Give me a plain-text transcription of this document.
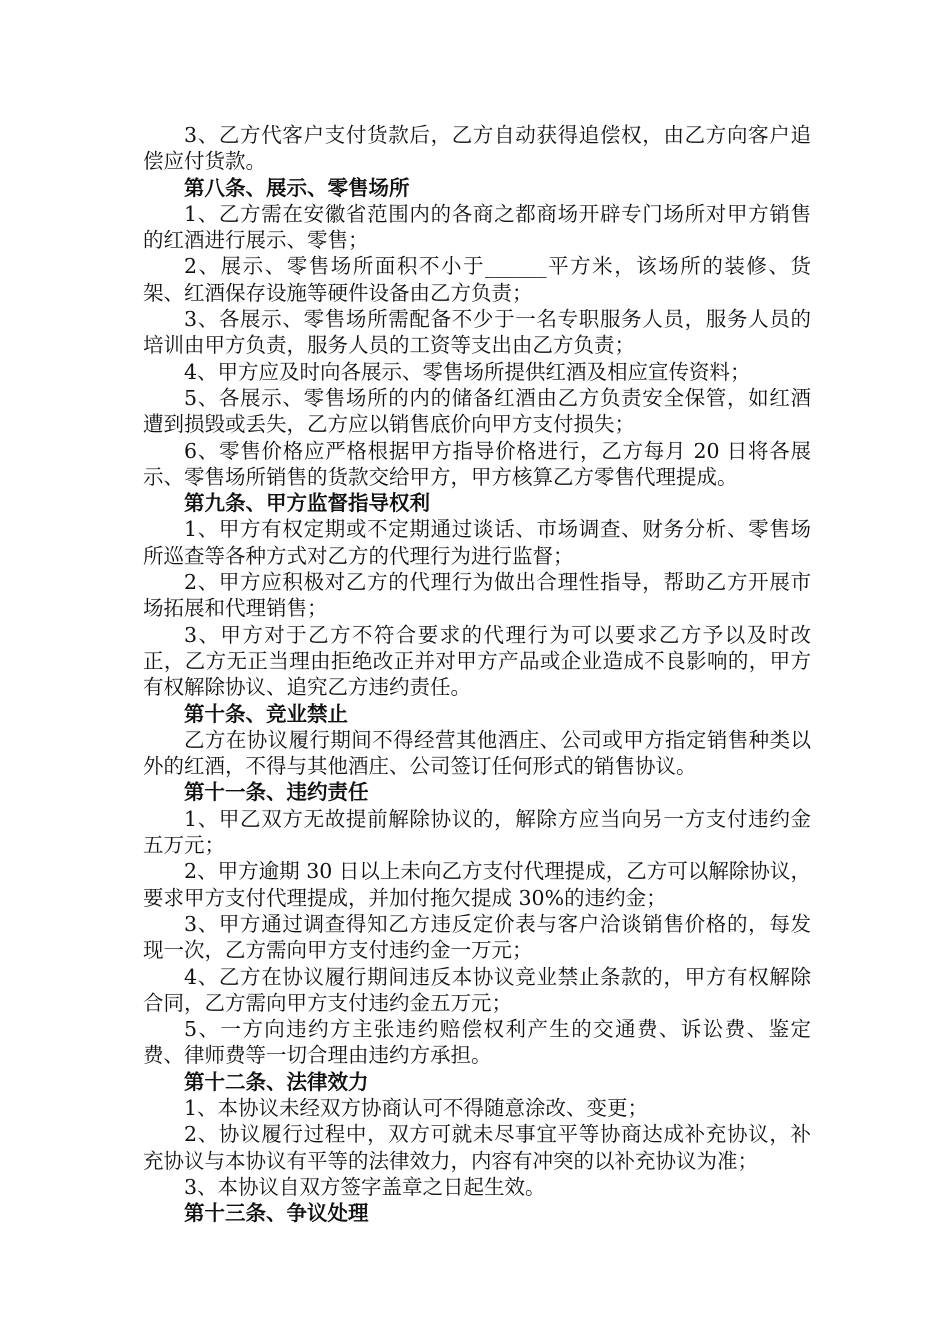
3、乙方代客户支付货款后，乙方自动获得追偿权，由乙方向客户追偿应付货款。

第八条、展示、零售场所

1、乙方需在安徽省范围内的各商之都商场开辟专门场所对甲方销售的红酒进行展示、零售；

2、展示、零售场所面积不小于______平方米，该场所的装修、货架、红酒保存设施等硬件设备由乙方负责；

3、各展示、零售场所需配备不少于一名专职服务人员，服务人员的培训由甲方负责，服务人员的工资等支出由乙方负责；

4、甲方应及时向各展示、零售场所提供红酒及相应宣传资料；

5、各展示、零售场所的内的储备红酒由乙方负责安全保管，如红酒遭到损毁或丢失，乙方应以销售底价向甲方支付损失；

6、零售价格应严格根据甲方指导价格进行，乙方每月 20 日将各展示、零售场所销售的货款交给甲方，甲方核算乙方零售代理提成。

第九条、甲方监督指导权利

1、甲方有权定期或不定期通过谈话、市场调查、财务分析、零售场所巡查等各种方式对乙方的代理行为进行监督；

2、甲方应积极对乙方的代理行为做出合理性指导，帮助乙方开展市场拓展和代理销售；

3、甲方对于乙方不符合要求的代理行为可以要求乙方予以及时改正，乙方无正当理由拒绝改正并对甲方产品或企业造成不良影响的，甲方有权解除协议、追究乙方违约责任。

第十条、竞业禁止

乙方在协议履行期间不得经营其他酒庄、公司或甲方指定销售种类以外的红酒，不得与其他酒庄、公司签订任何形式的销售协议。

第十一条、违约责任

1、甲乙双方无故提前解除协议的，解除方应当向另一方支付违约金五万元；

2、甲方逾期 30 日以上未向乙方支付代理提成，乙方可以解除协议，要求甲方支付代理提成，并加付拖欠提成 30%的违约金；

3、甲方通过调查得知乙方违反定价表与客户洽谈销售价格的，每发现一次，乙方需向甲方支付违约金一万元；

4、乙方在协议履行期间违反本协议竞业禁止条款的，甲方有权解除合同，乙方需向甲方支付违约金五万元；

5、一方向违约方主张违约赔偿权利产生的交通费、诉讼费、鉴定费、律师费等一切合理由违约方承担。

第十二条、法律效力

1、本协议未经双方协商认可不得随意涂改、变更；

2、协议履行过程中，双方可就未尽事宜平等协商达成补充协议，补充协议与本协议有平等的法律效力，内容有冲突的以补充协议为准；

3、本协议自双方签字盖章之日起生效。

第十三条、争议处理
